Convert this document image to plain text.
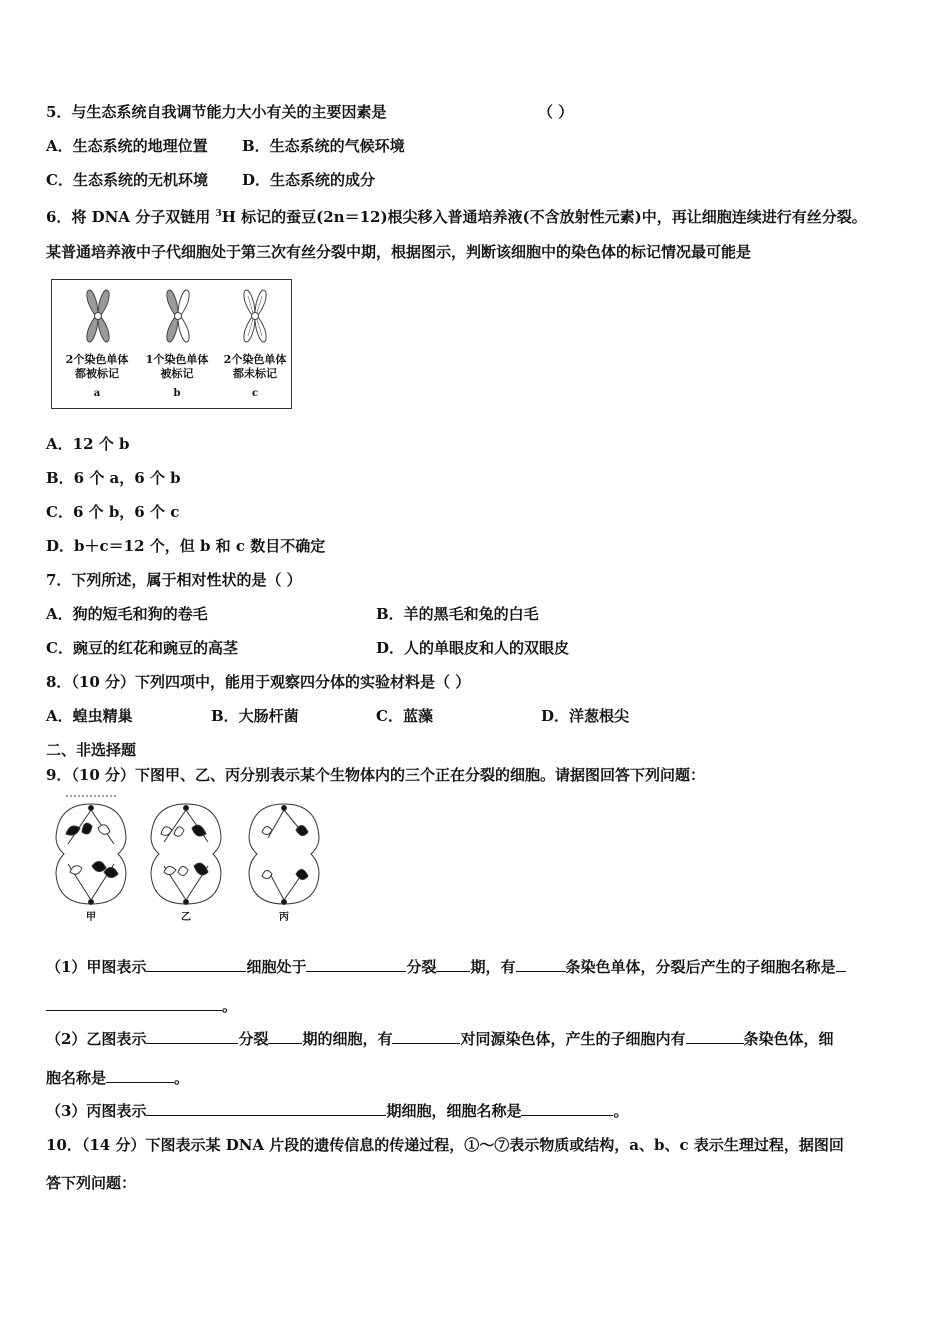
5．与生态系统自我调节能力大小有关的主要因素是	（ ）
A．生态系统的地理位置 B．生态系统的气候环境
C．生态系统的无机环境 D．生态系统的成分
6．将 DNA 分子双链用 $^3$H 标记的蚕豆(2n＝12)根尖移入普通培养液(不含放射性元素)中，再让细胞连续进行有丝分裂。
某普通培养液中子代细胞处于第三次有丝分裂中期，根据图示，判断该细胞中的染色体的标记情况最可能是
2个染色单体都被标记
1个染色单体被标记
2个染色单体都未标记
a	b	c
A．12 个 b
B．6 个 a，6 个 b
C．6 个 b，6 个 c
D．b＋c＝12 个，但 b 和 c 数目不确定
7．下列所述，属于相对性状的是（ ）
A．狗的短毛和狗的卷毛	B．羊的黑毛和兔的白毛
C．豌豆的红花和豌豆的高茎	D．人的单眼皮和人的双眼皮
8．（10 分）下列四项中，能用于观察四分体的实验材料是（ ）
A．蝗虫精巢	B．大肠杆菌	C．蓝藻	D．洋葱根尖
二、非选择题
9．（10 分）下图甲、乙、丙分别表示某个生物体内的三个正在分裂的细胞。请据图回答下列问题：
甲	乙	丙
（1）甲图表示	细胞处于	分裂 期，有	条染色单体，分裂后产生的子细胞名称是
。
（2）乙图表示	分裂 期的细胞，有	对同源染色体，产生的子细胞内有	条染色体，细
胞名称是	。
（3）丙图表示	期细胞，细胞名称是	。
10．（14 分）下图表示某 DNA 片段的遗传信息的传递过程，①～⑦表示物质或结构，a、b、c 表示生理过程，据图回
答下列问题：
